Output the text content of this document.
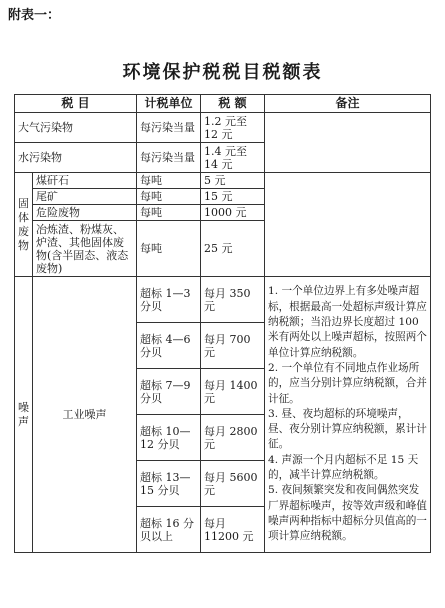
附表一：
环境保护税税目税额表
税 目		计税单位	税 额	备注
大气污染物		每污染当量	1.2 元至 12 元	
水污染物		每污染当量	1.4 元至 14 元	
固体废物	煤矸石	每吨	5 元	
	尾矿	每吨	15 元	
	危险废物	每吨	1000 元	
	冶炼渣、粉煤灰、炉渣、其他固体废物(含半固态、液态废物)	每吨	25 元	
噪声	工业噪声	超标 1—3 分贝	每月 350 元	1. 一个单位边界上有多处噪声超标，根据最高一处超标声级计算应纳税额；当沿边界长度超过 100 米有两处以上噪声超标，按照两个单位计算应纳税额。
2. 一个单位有不同地点作业场所的，应当分别计算应纳税额，合并计征。
3. 昼、夜均超标的环境噪声，昼、夜分别计算应纳税额，累计计征。
4. 声源一个月内超标不足 15 天的，减半计算应纳税额。
5. 夜间频繁突发和夜间偶然突发厂界超标噪声，按等效声级和峰值噪声两种指标中超标分贝值高的一项计算应纳税额。

		超标 4—6 分贝	每月 700 元	
		超标 7—9 分贝	每月 1400 元	
		超标 10—12 分贝	每月 2800 元	
		超标 13—15 分贝	每月 5600 元	
		超标 16 分贝以上	每月 11200 元	
